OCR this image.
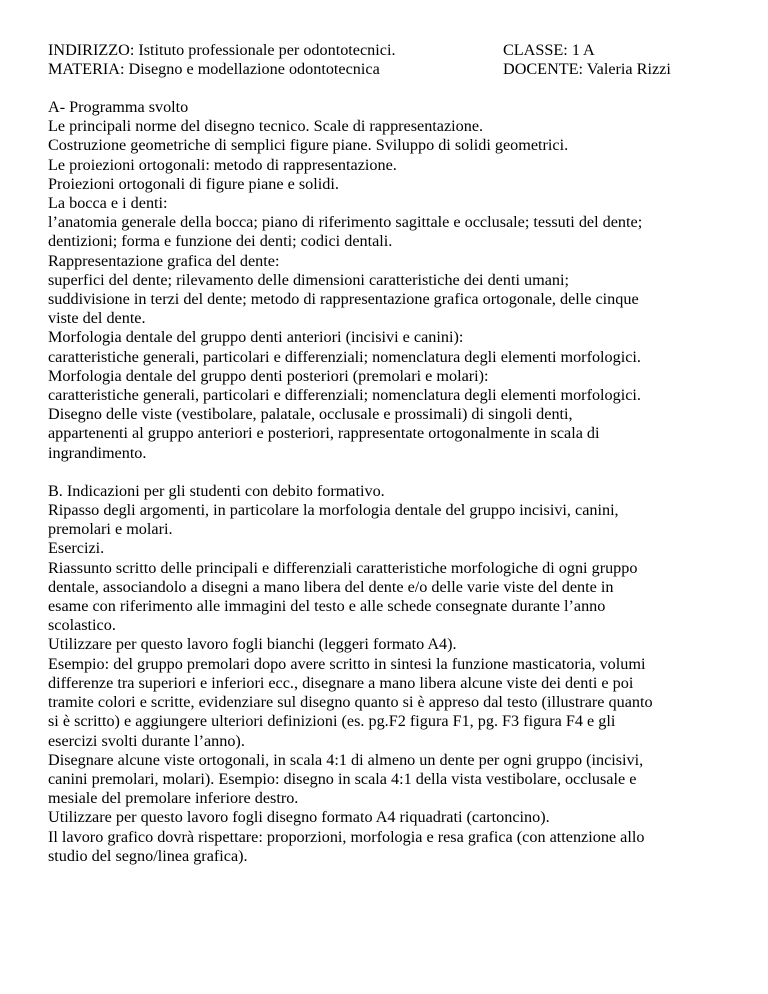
INDIRIZZO: Istituto professionale per odontotecnici.
MATERIA: Disegno e modellazione odontotecnica
CLASSE: 1 A
DOCENTE: Valeria Rizzi
A- Programma svolto
Le principali norme del disegno tecnico. Scale di rappresentazione.
Costruzione geometriche di semplici figure piane. Sviluppo di solidi geometrici.
Le proiezioni ortogonali: metodo di rappresentazione.
Proiezioni ortogonali di figure piane e solidi.
La bocca e i denti:
l’anatomia generale della bocca; piano di riferimento sagittale e occlusale; tessuti del dente;
dentizioni; forma e funzione dei denti; codici dentali.
Rappresentazione grafica del dente:
superfici del dente; rilevamento delle dimensioni caratteristiche dei denti umani;
suddivisione in terzi del dente; metodo di rappresentazione grafica ortogonale, delle cinque
viste del dente.
Morfologia dentale del gruppo denti anteriori (incisivi e canini):
caratteristiche generali, particolari e differenziali; nomenclatura degli elementi morfologici.
Morfologia dentale del gruppo denti posteriori (premolari e molari):
caratteristiche generali, particolari e differenziali; nomenclatura degli elementi morfologici.
Disegno delle viste (vestibolare, palatale, occlusale e prossimali) di singoli denti,
appartenenti al gruppo anteriori e posteriori, rappresentate ortogonalmente in scala di
ingrandimento.
B. Indicazioni per gli studenti con debito formativo.
Ripasso degli argomenti, in particolare la morfologia dentale del gruppo incisivi, canini,
premolari e molari.
Esercizi.
Riassunto scritto delle principali e differenziali caratteristiche morfologiche di ogni gruppo
dentale, associandolo a disegni a mano libera del dente e/o delle varie viste del dente in
esame con riferimento alle immagini del testo e alle schede consegnate durante l’anno
scolastico.
Utilizzare per questo lavoro fogli bianchi (leggeri formato A4).
Esempio: del gruppo premolari dopo avere scritto in sintesi la funzione masticatoria, volumi
differenze tra superiori e inferiori ecc., disegnare a mano libera alcune viste dei denti e poi
tramite colori e scritte, evidenziare sul disegno quanto si è appreso dal testo (illustrare quanto
si è scritto) e aggiungere ulteriori definizioni (es. pg.F2 figura F1, pg. F3 figura F4 e gli
esercizi svolti durante l’anno).
Disegnare alcune viste ortogonali, in scala 4:1 di almeno un dente per ogni gruppo (incisivi,
canini premolari, molari). Esempio: disegno in scala 4:1 della vista vestibolare, occlusale e
mesiale del premolare inferiore destro.
Utilizzare per questo lavoro fogli disegno formato A4 riquadrati (cartoncino).
Il lavoro grafico dovrà rispettare: proporzioni, morfologia e resa grafica (con attenzione allo
studio del segno/linea grafica).
